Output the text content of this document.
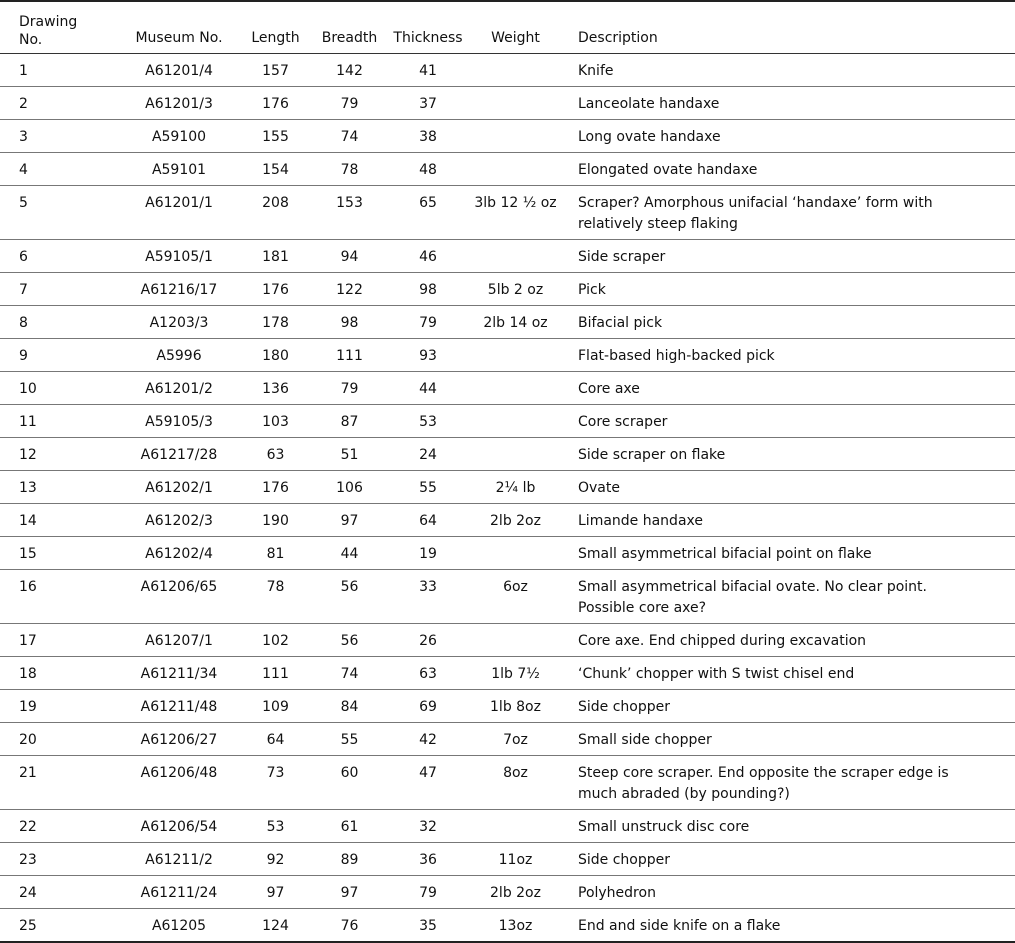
Drawing
No.	Museum No.	Length	Breadth	Thickness	Weight	Description
1	A61201/4	157	142	41		Knife
2	A61201/3	176	79	37		Lanceolate handaxe
3	A59100	155	74	38		Long ovate handaxe
4	A59101	154	78	48		Elongated ovate handaxe
5	A61201/1	208	153	65	3lb 12 ½ oz	Scraper? Amorphous unifacial ‘handaxe’ form with relatively steep flaking
6	A59105/1	181	94	46		Side scraper
7	A61216/17	176	122	98	5lb 2 oz	Pick
8	A1203/3	178	98	79	2lb 14 oz	Bifacial pick
9	A5996	180	111	93		Flat-based high-backed pick
10	A61201/2	136	79	44		Core axe
11	A59105/3	103	87	53		Core scraper
12	A61217/28	63	51	24		Side scraper on flake
13	A61202/1	176	106	55	2¼ lb	Ovate
14	A61202/3	190	97	64	2lb 2oz	Limande handaxe
15	A61202/4	81	44	19		Small asymmetrical bifacial point on flake
16	A61206/65	78	56	33	6oz	Small asymmetrical bifacial ovate. No clear point. Possible core axe?
17	A61207/1	102	56	26		Core axe. End chipped during excavation
18	A61211/34	111	74	63	1lb 7½	‘Chunk’ chopper with S twist chisel end
19	A61211/48	109	84	69	1lb 8oz	Side chopper
20	A61206/27	64	55	42	7oz	Small side chopper
21	A61206/48	73	60	47	8oz	Steep core scraper. End opposite the scraper edge is much abraded (by pounding?)
22	A61206/54	53	61	32		Small unstruck disc core
23	A61211/2	92	89	36	11oz	Side chopper
24	A61211/24	97	97	79	2lb 2oz	Polyhedron
25	A61205	124	76	35	13oz	End and side knife on a flake
